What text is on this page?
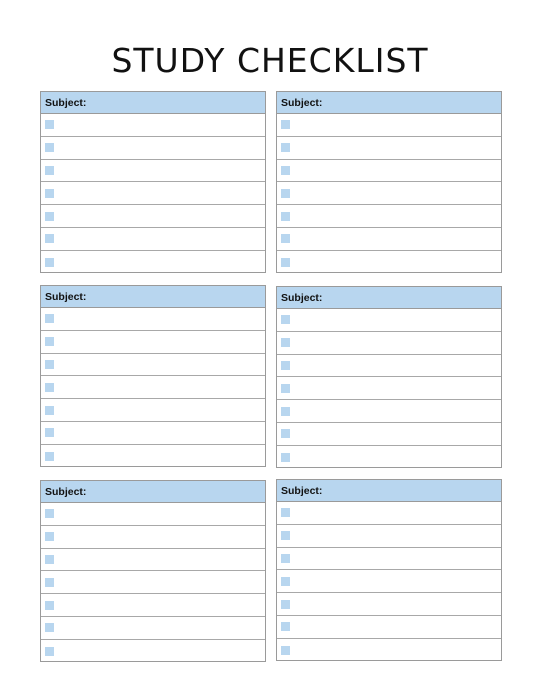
STUDY CHECKLIST
Subject:	Subject:
Subject:	Subject:
Subject:	Subject:
